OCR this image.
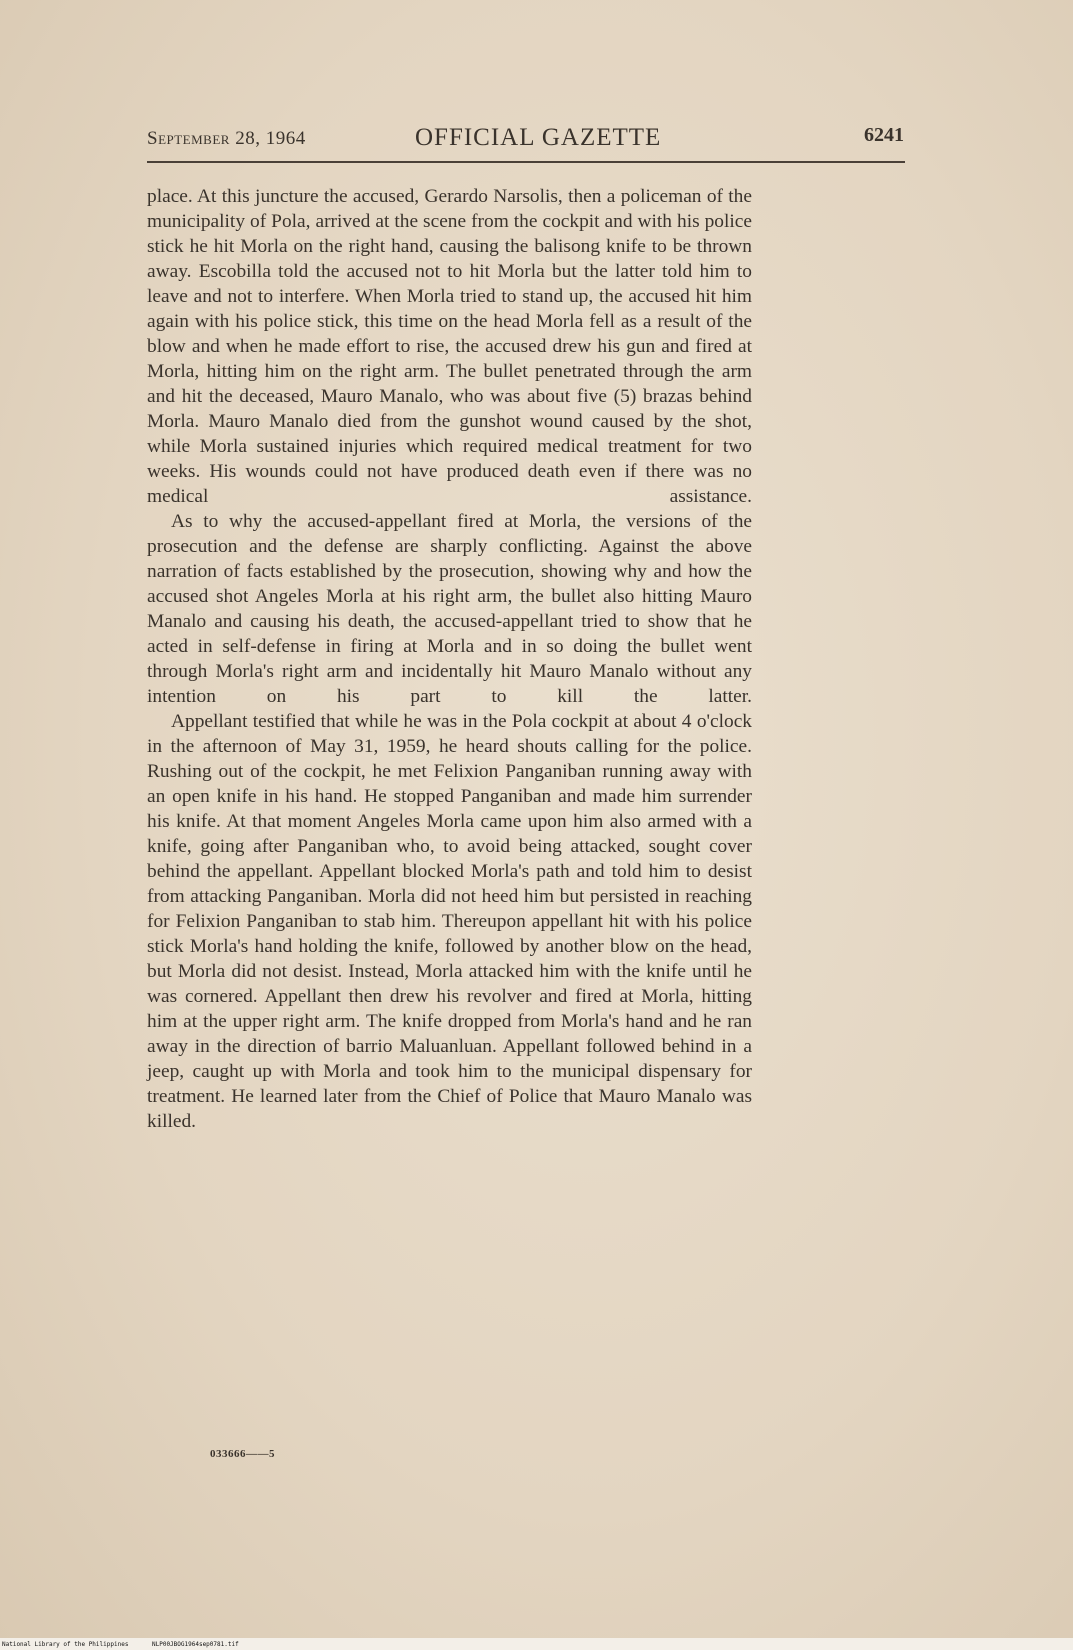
September 28, 1964	OFFICIAL GAZETTE	6241

place. At this juncture the accused, Gerardo Narsolis, then a policeman of the municipality of Pola, arrived at the scene from the cockpit and with his police stick he hit Morla on the right hand, causing the balisong knife to be thrown away. Escobilla told the accused not to hit Morla but the latter told him to leave and not to interfere. When Morla tried to stand up, the accused hit him again with his police stick, this time on the head Morla fell as a result of the blow and when he made effort to rise, the accused drew his gun and fired at Morla, hitting him on the right arm. The bullet penetrated through the arm and hit the deceased, Mauro Manalo, who was about five (5) brazas behind Morla. Mauro Manalo died from the gunshot wound caused by the shot, while Morla sustained injuries which required medical treatment for two weeks. His wounds could not have produced death even if there was no medical assistance.

As to why the accused-appellant fired at Morla, the versions of the prosecution and the defense are sharply conflicting. Against the above narration of facts established by the prosecution, showing why and how the accused shot Angeles Morla at his right arm, the bullet also hitting Mauro Manalo and causing his death, the accused-appellant tried to show that he acted in self-defense in firing at Morla and in so doing the bullet went through Morla's right arm and incidentally hit Mauro Manalo without any intention on his part to kill the latter.

Appellant testified that while he was in the Pola cockpit at about 4 o'clock in the afternoon of May 31, 1959, he heard shouts calling for the police. Rushing out of the cockpit, he met Felixion Panganiban running away with an open knife in his hand. He stopped Panganiban and made him surrender his knife. At that moment Angeles Morla came upon him also armed with a knife, going after Panganiban who, to avoid being attacked, sought cover behind the appellant. Appellant blocked Morla's path and told him to desist from attacking Panganiban. Morla did not heed him but persisted in reaching for Felixion Panganiban to stab him. Thereupon appellant hit with his police stick Morla's hand holding the knife, followed by another blow on the head, but Morla did not desist. Instead, Morla attacked him with the knife until he was cornered. Appellant then drew his revolver and fired at Morla, hitting him at the upper right arm. The knife dropped from Morla's hand and he ran away in the direction of barrio Maluanluan. Appellant followed behind in a jeep, caught up with Morla and took him to the municipal dispensary for treatment. He learned later from the Chief of Police that Mauro Manalo was killed.

033666——5
National Library of the Philippines	NLP00JBOG1964sep0781.tif
